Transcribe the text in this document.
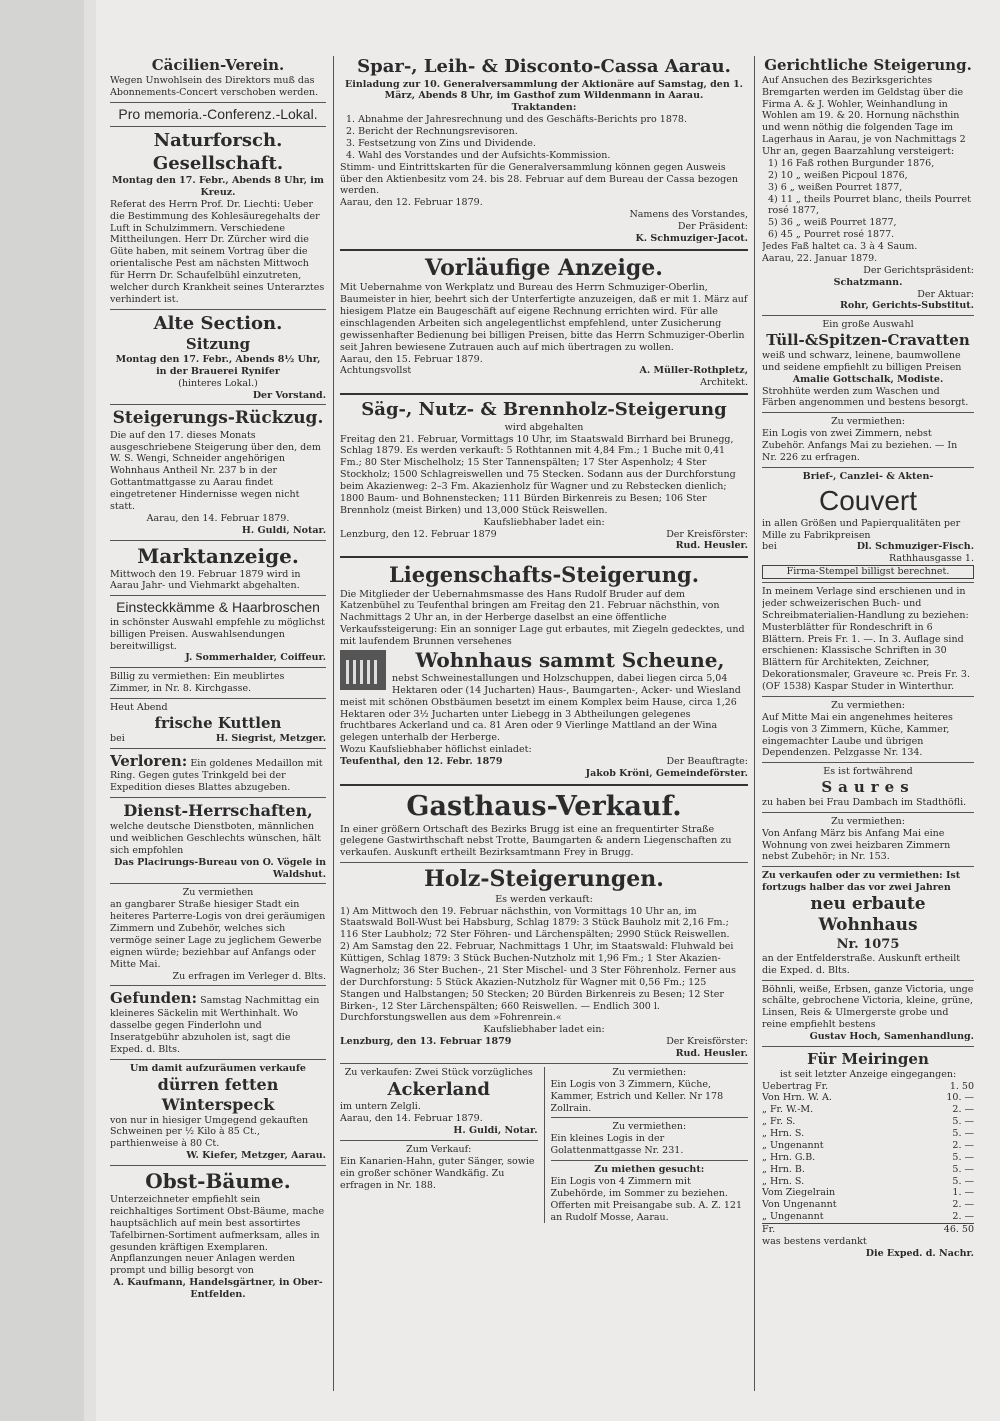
Cäcilien-Verein.

Wegen Unwohlsein des Direktors muß das Abonnements-Concert verschoben werden.

Pro memoria.-Conferenz.-Lokal.

Naturforsch. Gesellschaft.

Montag den 17. Febr., Abends 8 Uhr, im Kreuz.

Referat des Herrn Prof. Dr. Liechti: Ueber die Bestimmung des Kohlesäuregehalts der Luft in Schulzimmern. Verschiedene Mittheilungen. Herr Dr. Zürcher wird die Güte haben, mit seinem Vortrag über die orientalische Pest am nächsten Mittwoch für Herrn Dr. Schaufelbühl einzutreten, welcher durch Krankheit seines Unterarztes verhindert ist.

Alte Section.

Sitzung

Montag den 17. Febr., Abends 8½ Uhr, in der Brauerei Rynifer

(hinteres Lokal.)

Der Vorstand.

Steigerungs-Rückzug.

Die auf den 17. dieses Monats ausgeschriebene Steigerung über den, dem W. S. Wengi, Schneider angehörigen Wohnhaus Antheil Nr. 237 b in der Gottantmattgasse zu Aarau findet eingetretener Hindernisse wegen nicht statt.

Aarau, den 14. Februar 1879.

H. Guldi, Notar.

Marktanzeige.

Mittwoch den 19. Februar 1879 wird in Aarau Jahr- und Viehmarkt abgehalten.

Einsteckkämme & Haarbroschen

in schönster Auswahl empfehle zu möglichst billigen Preisen. Auswahlsendungen bereitwilligst.

J. Sommerhalder, Coiffeur.

Billig zu vermiethen: Ein meublirtes Zimmer, in Nr. 8. Kirchgasse.

Heut Abend

frische Kuttlen

bei	H. Siegrist, Metzger.

Verloren: Ein goldenes Medaillon mit Ring. Gegen gutes Trinkgeld bei der Expedition dieses Blattes abzugeben.

Dienst-Herrschaften,

welche deutsche Dienstboten, männlichen und weiblichen Geschlechts wünschen, hält sich empfohlen

Das Placirungs-Bureau von O. Vögele in Waldshut.

Zu vermiethen

an gangbarer Straße hiesiger Stadt ein heiteres Parterre-Logis von drei geräumigen Zimmern und Zubehör, welches sich vermöge seiner Lage zu jeglichem Gewerbe eignen würde; beziehbar auf Anfangs oder Mitte Mai.

Zu erfragen im Verleger d. Blts.

Gefunden: Samstag Nachmittag ein kleineres Säckelin mit Werthinhalt. Wo dasselbe gegen Finderlohn und Inseratgebühr abzuholen ist, sagt die Exped. d. Blts.

Um damit aufzuräumen verkaufe

dürren fetten Winterspeck

von nur in hiesiger Umgegend gekauften Schweinen per ½ Kilo à 85 Ct., parthienweise à 80 Ct.

W. Kiefer, Metzger, Aarau.

Obst-Bäume.

Unterzeichneter empfiehlt sein reichhaltiges Sortiment Obst-Bäume, mache hauptsächlich auf mein best assortirtes Tafelbirnen-Sortiment aufmerksam, alles in gesunden kräftigen Exemplaren. Anpflanzungen neuer Anlagen werden prompt und billig besorgt von

A. Kaufmann, Handelsgärtner, in Ober-Entfelden.

Spar-, Leih- & Disconto-Cassa Aarau.

Einladung zur 10. Generalversammlung der Aktionäre auf Samstag, den 1. März, Abends 8 Uhr, im Gasthof zum Wildenmann in Aarau.

Traktanden:

1. Abnahme der Jahresrechnung und des Geschäfts-Berichts pro 1878.

2. Bericht der Rechnungsrevisoren.

3. Festsetzung von Zins und Dividende.

4. Wahl des Vorstandes und der Aufsichts-Kommission.

Stimm- und Eintrittskarten für die Generalversammlung können gegen Ausweis über den Aktienbesitz vom 24. bis 28. Februar auf dem Bureau der Cassa bezogen werden.

Aarau, den 12. Februar 1879.

Namens des Vorstandes,

Der Präsident:

K. Schmuziger-Jacot.

Vorläufige Anzeige.

Mit Uebernahme von Werkplatz und Bureau des Herrn Schmuziger-Oberlin, Baumeister in hier, beehrt sich der Unterfertigte anzuzeigen, daß er mit 1. März auf hiesigem Platze ein Baugeschäft auf eigene Rechnung errichten wird. Für alle einschlagenden Arbeiten sich angelegentlichst empfehlend, unter Zusicherung gewissenhafter Bedienung bei billigen Preisen, bitte das Herrn Schmuziger-Oberlin seit Jahren bewiesene Zutrauen auch auf mich übertragen zu wollen.

Aarau, den 15. Februar 1879.

Achtungsvollst	A. Müller-Rothpletz,

Architekt.

Säg-, Nutz- & Brennholz-Steigerung

wird abgehalten

Freitag den 21. Februar, Vormittags 10 Uhr, im Staatswald Birrhard bei Brunegg, Schlag 1879. Es werden verkauft: 5 Rothtannen mit 4,84 Fm.; 1 Buche mit 0,41 Fm.; 80 Ster Mischelholz; 15 Ster Tannenspälten; 17 Ster Aspenholz; 4 Ster Stockholz; 1500 Schlagreiswellen und 75 Stecken. Sodann aus der Durchforstung beim Akazienweg: 2–3 Fm. Akazienholz für Wagner und zu Rebstecken dienlich; 1800 Baum- und Bohnenstecken; 111 Bürden Birkenreis zu Besen; 106 Ster Brennholz (meist Birken) und 13,000 Stück Reiswellen.

Kaufsliebhaber ladet ein:

Lenzburg, den 12. Februar 1879	Der Kreisförster:

Rud. Heusler.

Liegenschafts-Steigerung.

Die Mitglieder der Uebernahmsmasse des Hans Rudolf Bruder auf dem Katzenbühel zu Teufenthal bringen am Freitag den 21. Februar nächsthin, von Nachmittags 2 Uhr an, in der Herberge daselbst an eine öffentliche Verkaufssteigerung: Ein an sonniger Lage gut erbautes, mit Ziegeln gedecktes, und mit laufendem Brunnen versehenes

Wohnhaus sammt Scheune,

nebst Schweinestallungen und Holzschuppen, dabei liegen circa 5,04 Hektaren oder (14 Jucharten) Haus-, Baumgarten-, Acker- und Wiesland meist mit schönen Obstbäumen besetzt im einem Komplex beim Hause, circa 1,26 Hektaren oder 3½ Jucharten unter Liebegg in 3 Abtheilungen gelegenes fruchtbares Ackerland und ca. 81 Aren oder 9 Vierlinge Mattland an der Wina gelegen unterhalb der Herberge.

Wozu Kaufsliebhaber höflichst einladet:

Teufenthal, den 12. Febr. 1879	Der Beauftragte:

Jakob Kröni, Gemeindeförster.

Gasthaus-Verkauf.

In einer größern Ortschaft des Bezirks Brugg ist eine an frequentirter Straße gelegene Gastwirthschaft nebst Trotte, Baumgarten & andern Liegenschaften zu verkaufen. Auskunft ertheilt Bezirksamtmann Frey in Brugg.

Holz-Steigerungen.

Es werden verkauft:

1) Am Mittwoch den 19. Februar nächsthin, von Vormittags 10 Uhr an, im Staatswald Boll-Wust bei Habsburg, Schlag 1879: 3 Stück Bauholz mit 2,16 Fm.; 116 Ster Laubholz; 72 Ster Föhren- und Lärchenspälten; 2990 Stück Reiswellen.

2) Am Samstag den 22. Februar, Nachmittags 1 Uhr, im Staatswald: Fluhwald bei Küttigen, Schlag 1879: 3 Stück Buchen-Nutzholz mit 1,96 Fm.; 1 Ster Akazien-Wagnerholz; 36 Ster Buchen-, 21 Ster Mischel- und 3 Ster Föhrenholz. Ferner aus der Durchforstung: 5 Stück Akazien-Nutzholz für Wagner mit 0,56 Fm.; 125 Stangen und Halbstangen; 50 Stecken; 20 Bürden Birkenreis zu Besen; 12 Ster Birken-, 12 Ster Lärchenspälten; 660 Reiswellen. — Endlich 300 l. Durchforstungswellen aus dem »Fohrenrein.«

Kaufsliebhaber ladet ein:

Lenzburg, den 13. Februar 1879	Der Kreisförster:

Rud. Heusler.

Zu verkaufen: Zwei Stück vorzügliches

Ackerland

im untern Zelgli.

Aarau, den 14. Februar 1879.

H. Guldi, Notar.

Zum Verkauf:

Ein Kanarien-Hahn, guter Sänger, sowie ein großer schöner Wandkäfig. Zu erfragen in Nr. 188.

Zu vermiethen:

Ein Logis von 3 Zimmern, Küche, Kammer, Estrich und Keller. Nr 178 Zollrain.

Zu vermiethen:

Ein kleines Logis in der Golattenmattgasse Nr. 231.

Zu miethen gesucht:

Ein Logis von 4 Zimmern mit Zubehörde, im Sommer zu beziehen. Offerten mit Preisangabe sub. A. Z. 121 an Rudolf Mosse, Aarau.

Gerichtliche Steigerung.

Auf Ansuchen des Bezirksgerichtes Bremgarten werden im Geldstag über die Firma A. & J. Wohler, Weinhandlung in Wohlen am 19. & 20. Hornung nächsthin und wenn nöthig die folgenden Tage im Lagerhaus in Aarau, je von Nachmittags 2 Uhr an, gegen Baarzahlung versteigert:

1) 16 Faß rothen Burgunder 1876,

2) 10 „ weißen Picpoul 1876,

3) 6 „ weißen Pourret 1877,

4) 11 „ theils Pourret blanc, theils Pourret rosé 1877,

5) 36 „ weiß Pourret 1877,

6) 45 „ Pourret rosé 1877.

Jedes Faß haltet ca. 3 à 4 Saum.

Aarau, 22. Januar 1879.

Der Gerichtspräsident:

Schatzmann.

Der Aktuar:

Rohr, Gerichts-Substitut.

Ein große Auswahl

Tüll-&Spitzen-Cravatten

weiß und schwarz, leinene, baumwollene und seidene empfiehlt zu billigen Preisen

Amalie Gottschalk, Modiste.

Strohhüte werden zum Waschen und Färben angenommen und bestens besorgt.

Zu vermiethen:

Ein Logis von zwei Zimmern, nebst Zubehör. Anfangs Mai zu beziehen. — In Nr. 226 zu erfragen.

Brief-, Canzlei- & Akten-

Couvert

in allen Größen und Papierqualitäten per Mille zu Fabrikpreisen

bei	Dl. Schmuziger-Fisch.

Rathhausgasse 1.

Firma-Stempel billigst berechnet.

In meinem Verlage sind erschienen und in jeder schweizerischen Buch- und Schreibmaterialien-Handlung zu beziehen: Musterblätter für Rondeschrift in 6 Blättern. Preis Fr. 1. —. In 3. Auflage sind erschienen: Klassische Schriften in 30 Blättern für Architekten, Zeichner, Dekorationsmaler, Graveure ꝛc. Preis Fr. 3.

(OF 1538) Kaspar Studer in Winterthur.

Zu vermiethen:

Auf Mitte Mai ein angenehmes heiteres Logis von 3 Zimmern, Küche, Kammer, eingemachter Laube und übrigen Dependenzen. Pelzgasse Nr. 134.

Es ist fortwährend

Saures

zu haben bei Frau Dambach im Stadthöfli.

Zu vermiethen:

Von Anfang März bis Anfang Mai eine Wohnung von zwei heizbaren Zimmern nebst Zubehör; in Nr. 153.

Zu verkaufen oder zu vermiethen: Ist fortzugs halber das vor zwei Jahren

neu erbaute Wohnhaus

Nr. 1075

an der Entfelderstraße. Auskunft ertheilt die Exped. d. Blts.

Böhnli, weiße, Erbsen, ganze Victoria, unge schälte, gebrochene Victoria, kleine, grüne, Linsen, Reis & Ulmergerste grobe und reine empfiehlt bestens

Gustav Hoch, Samenhandlung.

Für Meiringen

ist seit letzter Anzeige eingegangen:

Uebertrag Fr.	1. 50

Von Hrn. W. A.	10. —

„ Fr. W.-M.	2. —

„ Fr. S.	5. —

„ Hrn. S.	5. —

„ Ungenannt	2. —

„ Hrn. G.B.	5. —

„ Hrn. B.	5. —

„ Hrn. S.	5. —

Vom Ziegelrain	1. —

Von Ungenannt	2. —

„ Ungenannt	2. —

Fr.	46. 50

was bestens verdankt

Die Exped. d. Nachr.
